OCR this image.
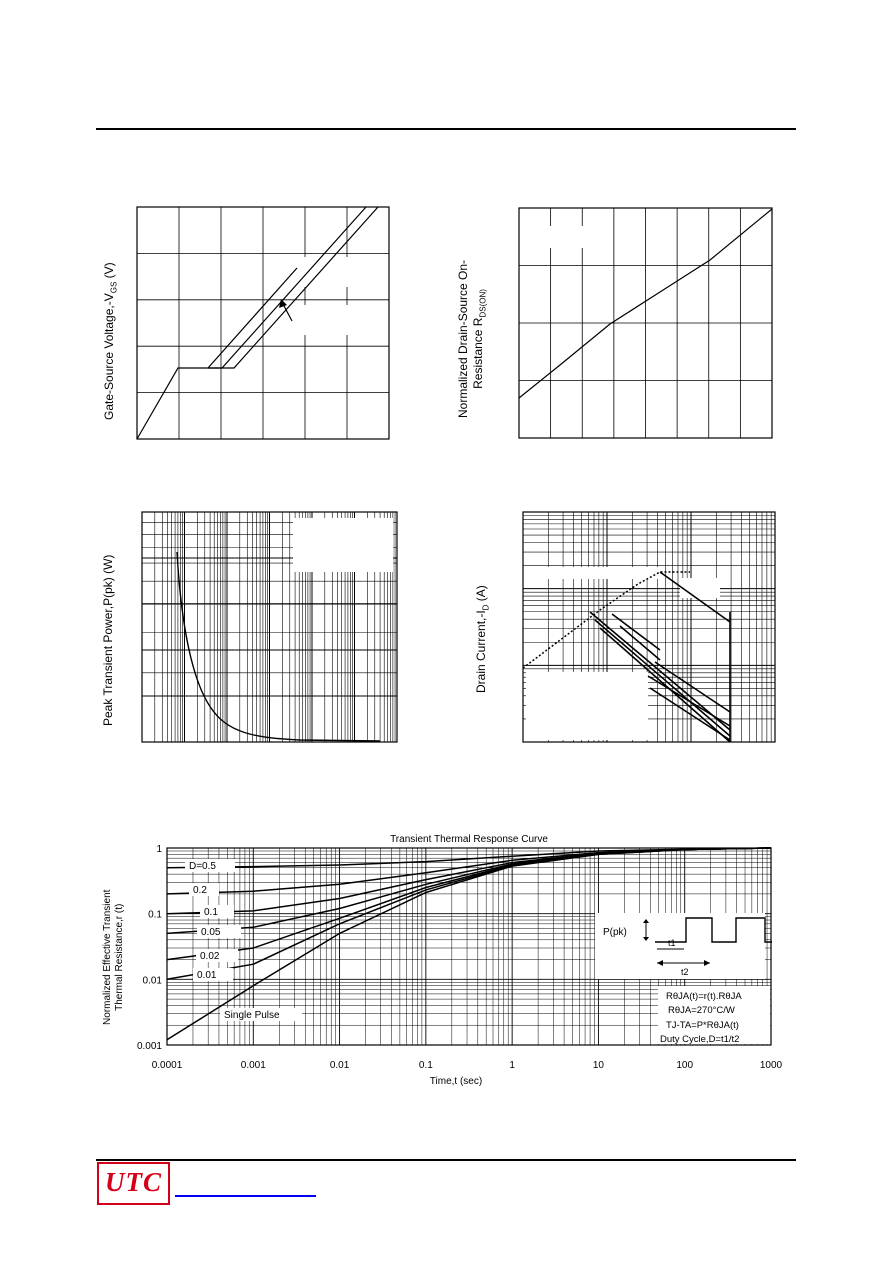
Transient Thermal Response Curve
Time,t (sec)
0.0001	0.001	0.01	0.1	1	10	100	1000
1
0.1
0.01
0.001
D=0.5
0.2
0.1
0.05
0.02
0.01
Single Pulse
P(pk)
t1
t2
RθJA(t)=r(t).RθJA
RθJA=270°C/W
TJ-TA=P*RθJA(t)
Duty Cycle,D=t1/t2
Gate-Source $Voltage,-V_{GS}$ (V)	Normalized Drain-Source On- Resistance $R_{DS(ON)}$
Peak Transient Power,P(pk) (W)	Drain $Current,-I_D$ (A)
Normalized Effective Transient Thermal Resistance,r (t)
UTC
